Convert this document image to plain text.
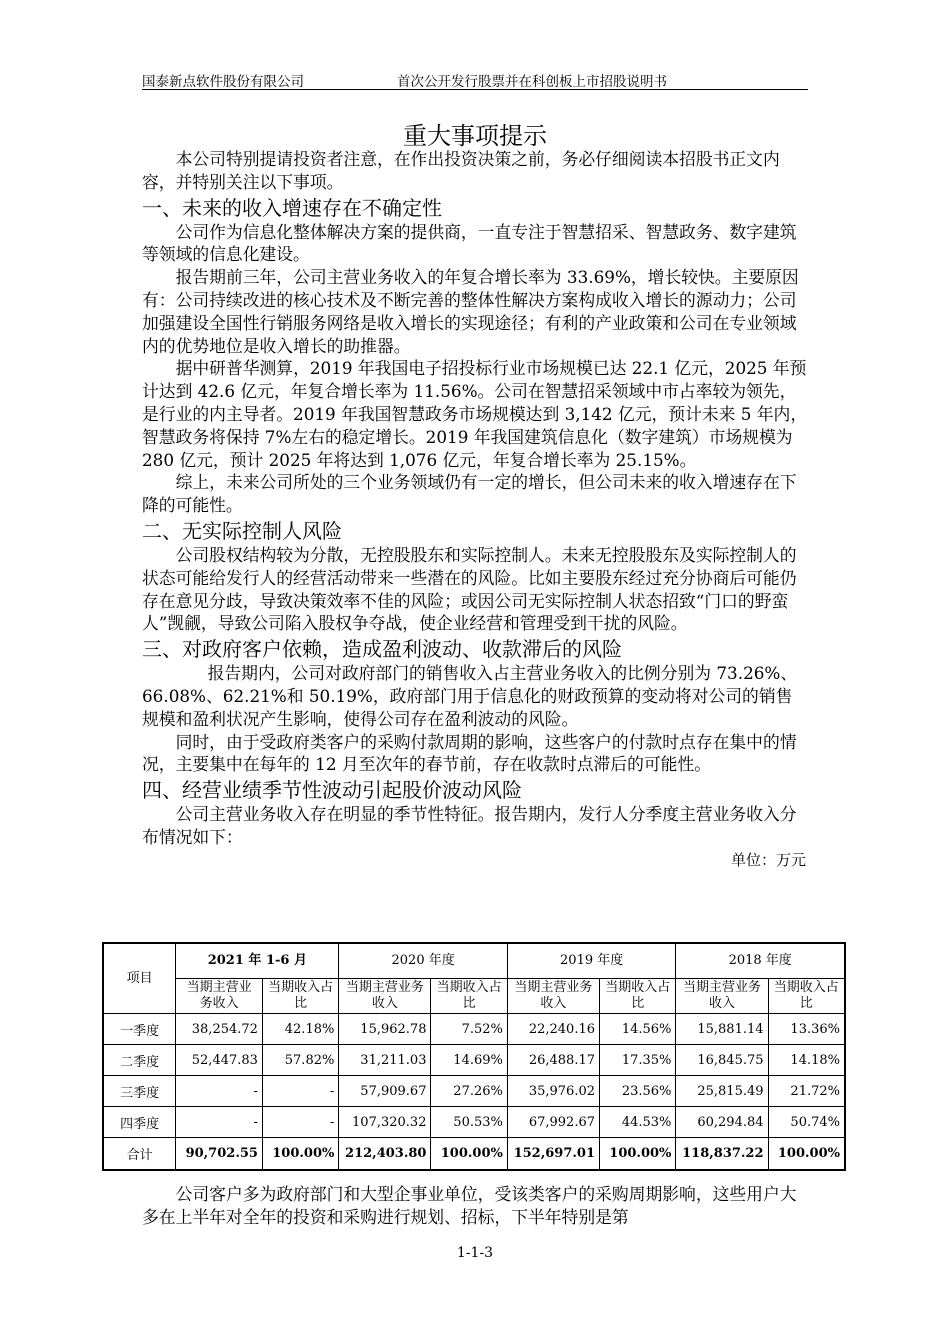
国泰新点软件股份有限公司	首次公开发行股票并在科创板上市招股说明书
重大事项提示

本公司特别提请投资者注意，在作出投资决策之前，务必仔细阅读本招股书正文内容，并特别关注以下事项。

一、未来的收入增速存在不确定性

公司作为信息化整体解决方案的提供商，一直专注于智慧招采、智慧政务、数字建筑等领域的信息化建设。

报告期前三年，公司主营业务收入的年复合增长率为 33.69%，增长较快。主要原因有：公司持续改进的核心技术及不断完善的整体性解决方案构成收入增长的源动力；公司加强建设全国性行销服务网络是收入增长的实现途径；有利的产业政策和公司在专业领域内的优势地位是收入增长的助推器。

据中研普华测算，2019 年我国电子招投标行业市场规模已达 22.1 亿元，2025 年预计达到 42.6 亿元，年复合增长率为 11.56%。公司在智慧招采领域中市占率较为领先，是行业的内主导者。2019 年我国智慧政务市场规模达到 3,142 亿元，预计未来 5 年内，智慧政务将保持 7%左右的稳定增长。2019 年我国建筑信息化（数字建筑）市场规模为 280 亿元，预计 2025 年将达到 1,076 亿元，年复合增长率为 25.15%。

综上，未来公司所处的三个业务领域仍有一定的增长，但公司未来的收入增速存在下降的可能性。

二、无实际控制人风险

公司股权结构较为分散，无控股股东和实际控制人。未来无控股股东及实际控制人的状态可能给发行人的经营活动带来一些潜在的风险。比如主要股东经过充分协商后可能仍存在意见分歧，导致决策效率不佳的风险；或因公司无实际控制人状态招致“门口的野蛮人”觊觎，导致公司陷入股权争夺战，使企业经营和管理受到干扰的风险。

三、对政府客户依赖，造成盈利波动、收款滞后的风险

报告期内，公司对政府部门的销售收入占主营业务收入的比例分别为 73.26%、66.08%、62.21%和 50.19%，政府部门用于信息化的财政预算的变动将对公司的销售规模和盈利状况产生影响，使得公司存在盈利波动的风险。

同时，由于受政府类客户的采购付款周期的影响，这些客户的付款时点存在集中的情况，主要集中在每年的 12 月至次年的春节前，存在收款时点滞后的可能性。

四、经营业绩季节性波动引起股价波动风险

公司主营业务收入存在明显的季节性特征。报告期内，发行人分季度主营业务收入分布情况如下：

单位：万元
项目	2021 年 1-6 月		2020 年度		2019 年度		2018 年度	
	当期主营业务收入	当期收入占比	当期主营业务收入	当期收入占比	当期主营业务收入	当期收入占比	当期主营业务收入	当期收入占比
一季度	38,254.72	42.18%	15,962.78	7.52%	22,240.16	14.56%	15,881.14	13.36%
二季度	52,447.83	57.82%	31,211.03	14.69%	26,488.17	17.35%	16,845.75	14.18%
三季度	-	-	57,909.67	27.26%	35,976.02	23.56%	25,815.49	21.72%
四季度	-	-	107,320.32	50.53%	67,992.67	44.53%	60,294.84	50.74%
合计	90,702.55	100.00%	212,403.80	100.00%	152,697.01	100.00%	118,837.22	100.00%

公司客户多为政府部门和大型企事业单位，受该类客户的采购周期影响，这些用户大多在上半年对全年的投资和采购进行规划、招标，下半年特别是第

1-1-3
